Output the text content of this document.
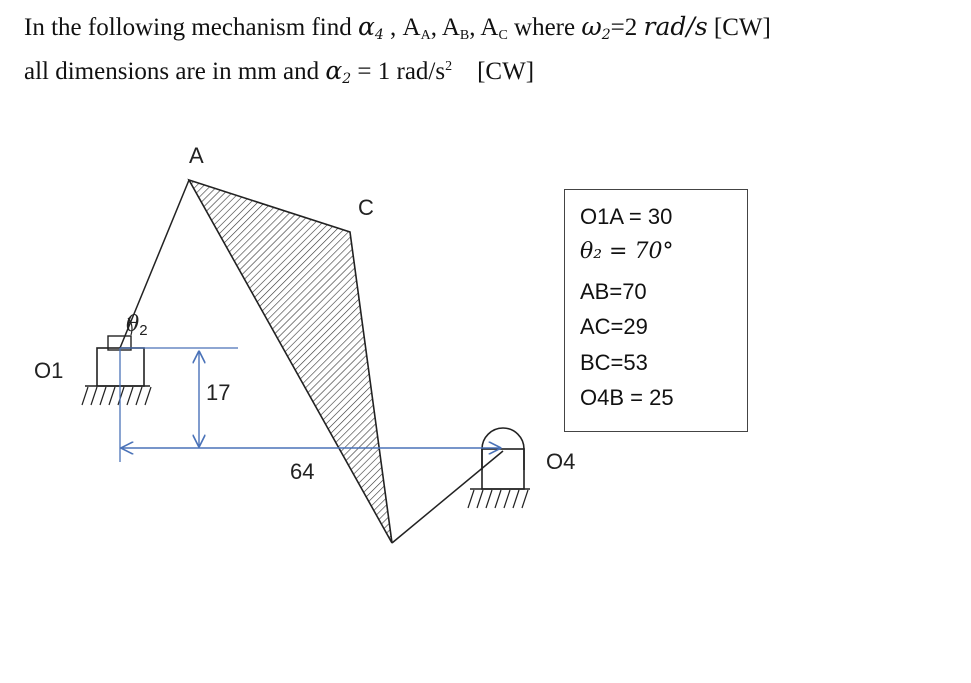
In the following mechanism find $\alpha_4$ , $A_A$, $A_B$, $A_C$ where $\omega_2=2$ rad/s [CW]
all dimensions are in mm and $\alpha_2 = 1$ rad/$s^2$ [CW]
A
C
O1
O4
θ2
17
64
O1A = 30
θ₂ = 70°
AB=70
AC=29
BC=53
O4B = 25
